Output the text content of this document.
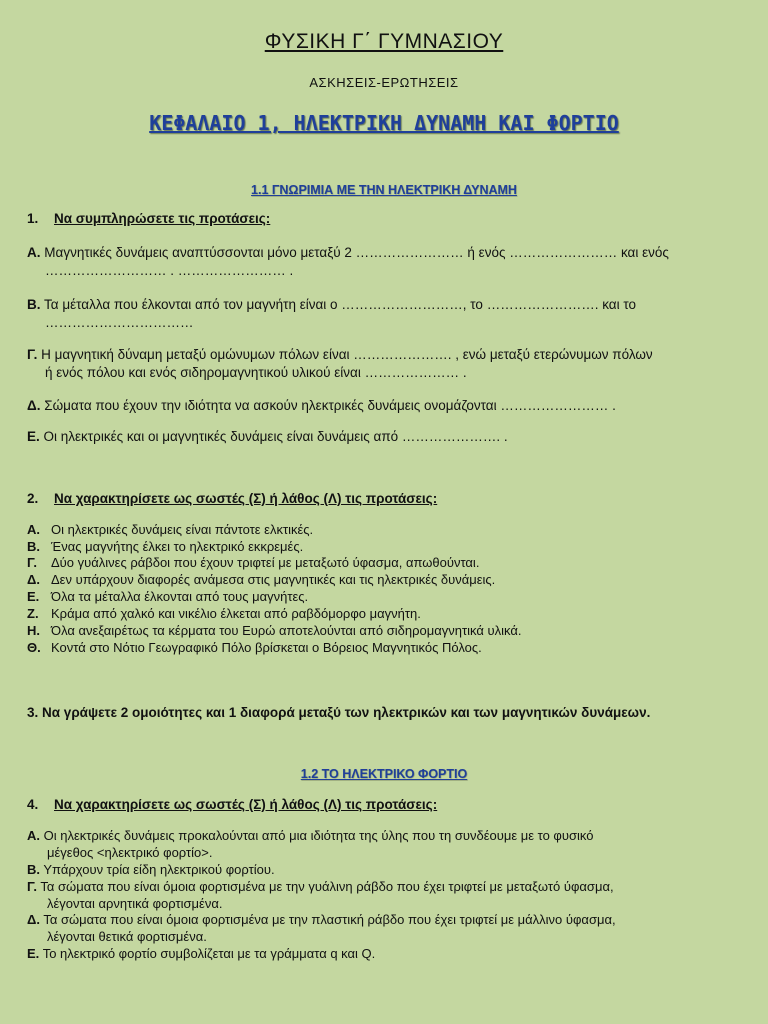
ΦΥΣΙΚΗ Γ΄ ΓΥΜΝΑΣΙΟΥ
ΑΣΚΗΣΕΙΣ-ΕΡΩΤΗΣΕΙΣ
ΚΕΦΑΛΑΙΟ 1, ΗΛΕΚΤΡΙΚΗ ΔΥΝΑΜΗ ΚΑΙ ΦΟΡΤΙΟ
1.1 ΓΝΩΡΙΜΙΑ ΜΕ ΤΗΝ ΗΛΕΚΤΡΙΚΗ ΔΥΝΑΜΗ
1. Να συμπληρώσετε τις προτάσεις:
Α. Μαγνητικές δυνάμεις αναπτύσσονται μόνο μεταξύ 2 …………………… ή ενός …………………… και ενός
……………………… . …………………… .
Β. Τα μέταλλα που έλκονται από τον μαγνήτη είναι ο ………………………, το ……………………. και το
……………………………
Γ. Η μαγνητική δύναμη μεταξύ ομώνυμων πόλων είναι …………………. , ενώ μεταξύ ετερώνυμων πόλων
ή ενός πόλου και ενός σιδηρομαγνητικού υλικού είναι ………………… .
Δ. Σώματα που έχουν την ιδιότητα να ασκούν ηλεκτρικές δυνάμεις ονομάζονται …………………… .
Ε. Οι ηλεκτρικές και οι μαγνητικές δυνάμεις είναι δυνάμεις από …………………. .
2. Να χαρακτηρίσετε ως σωστές (Σ) ή λάθος (Λ) τις προτάσεις:
Α. Οι ηλεκτρικές δυνάμεις είναι πάντοτε ελκτικές.
Β. Ένας μαγνήτης έλκει το ηλεκτρικό εκκρεμές.
Γ. Δύο γυάλινες ράβδοι που έχουν τριφτεί με μεταξωτό ύφασμα, απωθούνται.
Δ. Δεν υπάρχουν διαφορές ανάμεσα στις μαγνητικές και τις ηλεκτρικές δυνάμεις.
Ε. Όλα τα μέταλλα έλκονται από τους μαγνήτες.
Ζ. Κράμα από χαλκό και νικέλιο έλκεται από ραβδόμορφο μαγνήτη.
Η. Όλα ανεξαιρέτως τα κέρματα του Ευρώ αποτελούνται από σιδηρομαγνητικά υλικά.
Θ. Κοντά στο Νότιο Γεωγραφικό Πόλο βρίσκεται ο Βόρειος Μαγνητικός Πόλος.
3. Να γράψετε 2 ομοιότητες και 1 διαφορά μεταξύ των ηλεκτρικών και των μαγνητικών δυνάμεων.
1.2 ΤΟ ΗΛΕΚΤΡΙΚΟ ΦΟΡΤΙΟ
4. Να χαρακτηρίσετε ως σωστές (Σ) ή λάθος (Λ) τις προτάσεις:
Α. Οι ηλεκτρικές δυνάμεις προκαλούνται από μια ιδιότητα της ύλης που τη συνδέουμε με το φυσικό
μέγεθος <ηλεκτρικό φορτίο>.
Β. Υπάρχουν τρία είδη ηλεκτρικού φορτίου.
Γ. Τα σώματα που είναι όμοια φορτισμένα με την γυάλινη ράβδο που έχει τριφτεί με μεταξωτό ύφασμα,
λέγονται αρνητικά φορτισμένα.
Δ. Τα σώματα που είναι όμοια φορτισμένα με την πλαστική ράβδο που έχει τριφτεί με μάλλινο ύφασμα,
λέγονται θετικά φορτισμένα.
Ε. Το ηλεκτρικό φορτίο συμβολίζεται με τα γράμματα q και Q.
